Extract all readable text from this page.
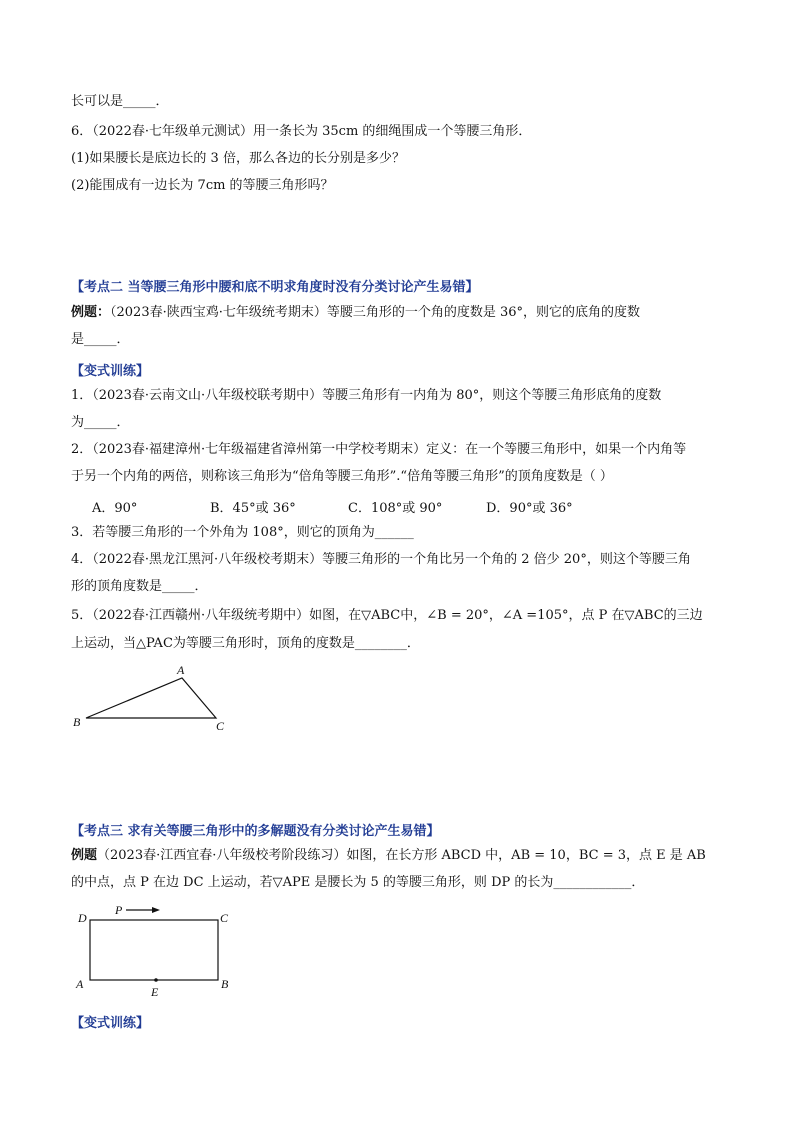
长可以是_____．
6．（2022春·七年级单元测试）用一条长为 35cm 的细绳围成一个等腰三角形．
(1)如果腰长是底边长的 3 倍，那么各边的长分别是多少？
(2)能围成有一边长为 7cm 的等腰三角形吗？
【考点二 当等腰三角形中腰和底不明求角度时没有分类讨论产生易错】
例题：（2023春·陕西宝鸡·七年级统考期末）等腰三角形的一个角的度数是 36°，则它的底角的度数
是_____．
【变式训练】
1．（2023春·云南文山·八年级校联考期中）等腰三角形有一内角为 80°，则这个等腰三角形底角的度数
为_____．
2．（2023春·福建漳州·七年级福建省漳州第一中学校考期末）定义：在一个等腰三角形中，如果一个内角等
于另一个内角的两倍，则称该三角形为“倍角等腰三角形”.“倍角等腰三角形”的顶角度数是（ ）
A．90°	B．45°或 36°	C．108°或 90°	D．90°或 36°
3．若等腰三角形的一个外角为 108°，则它的顶角为______
4．（2022春·黑龙江黑河·八年级校考期末）等腰三角形的一个角比另一个角的 2 倍少 20°，则这个等腰三角
形的顶角度数是_____．
5．（2022春·江西赣州·八年级统考期中）如图，在▽ABC中，∠B = 20°，∠A =105°，点 P 在▽ABC的三边
上运动，当△PAC为等腰三角形时，顶角的度数是________．
A
B	C
【考点三 求有关等腰三角形中的多解题没有分类讨论产生易错】
例题（2023春·江西宜春·八年级校考阶段练习）如图，在长方形 ABCD 中，AB = 10，BC = 3，点 E 是 AB
的中点，点 P 在边 DC 上运动，若▽APE 是腰长为 5 的等腰三角形，则 DP 的长为____________．
D	C
A	B
E
P
【变式训练】
